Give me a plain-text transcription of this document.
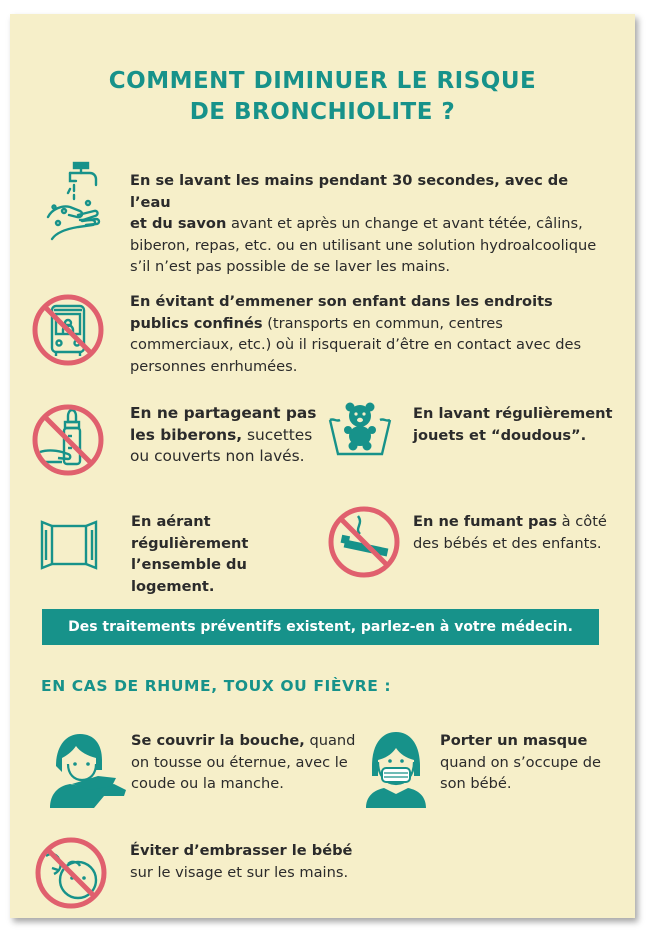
COMMENT DIMINUER LE RISQUE
DE BRONCHIOLITE ?
En se lavant les mains pendant 30 secondes, avec de l’eau
et du savon avant et après un change et avant tétée, câlins, biberon, repas, etc. ou en utilisant une solution hydroalcoolique s’il n’est pas possible de se laver les mains.
En évitant d’emmener son enfant dans les endroits publics confinés (transports en commun, centres commerciaux, etc.) où il risquerait d’être en contact avec des personnes enrhumées.
En ne partageant pas les biberons, sucettes ou couverts non lavés.
En lavant régulièrement jouets et “doudous”.
En aérant régulièrement l’ensemble du logement.
En ne fumant pas à côté des bébés et des enfants.
Des traitements préventifs existent, parlez-en à votre médecin.
EN CAS DE RHUME, TOUX OU FIÈVRE :
Se couvrir la bouche, quand on tousse ou éternue, avec le coude ou la manche.
Porter un masque quand on s’occupe de son bébé.
Éviter d’embrasser le bébé sur le visage et sur les mains.
